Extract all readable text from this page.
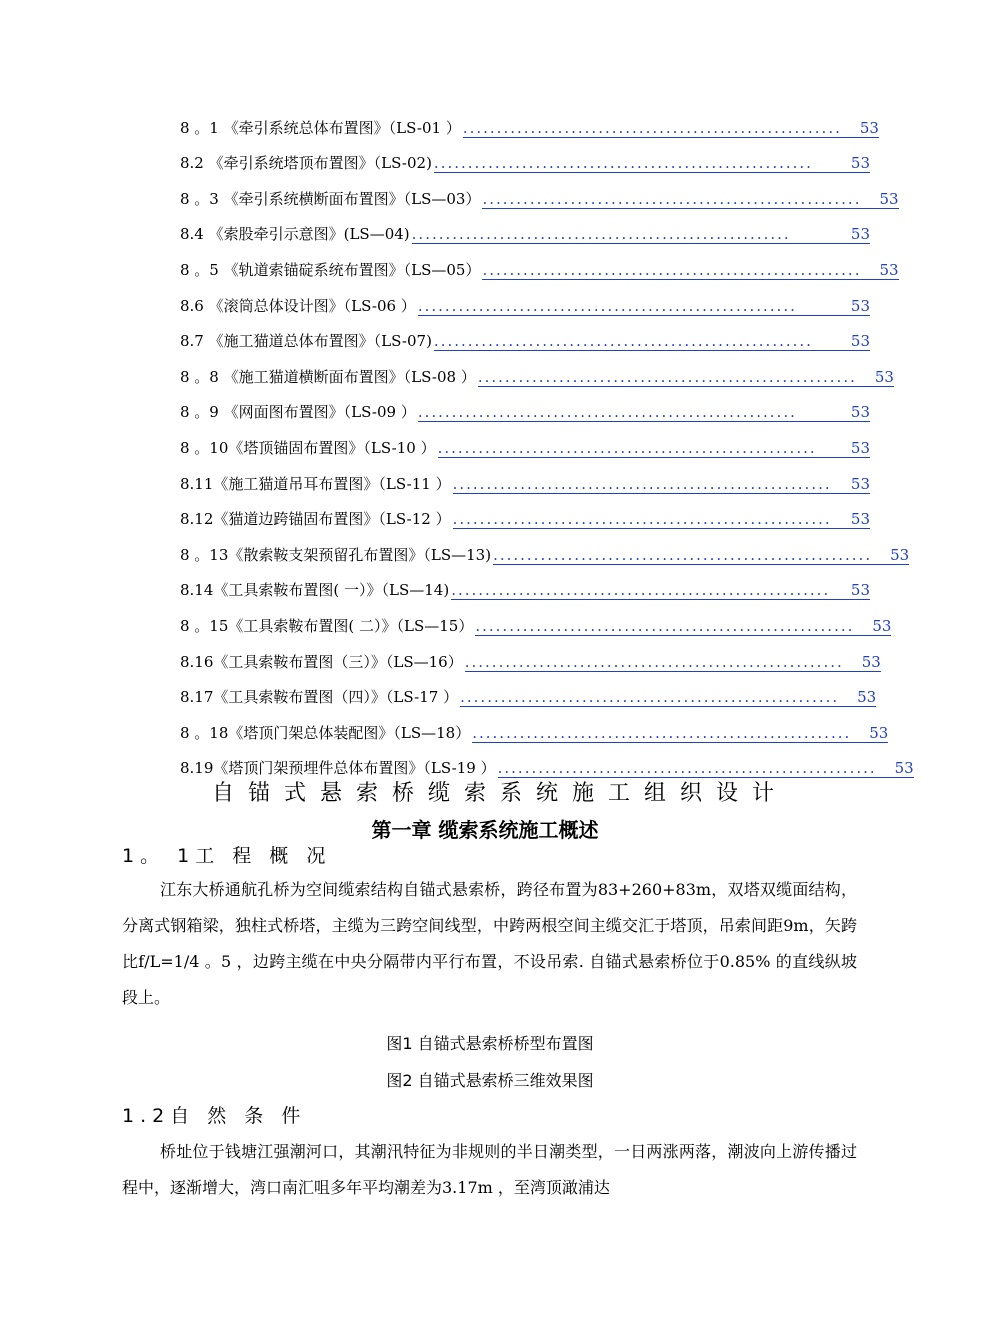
8 。1 《牵引系统总体布置图》（LS-01 ） ........................................................	53
8.2 《牵引系统塔顶布置图》（LS-02) ........................................................	53
8 。3 《牵引系统横断面布置图》（LS—03） ........................................................	53
8.4 《索股牵引示意图》(LS—04) ........................................................	53
8 。5 《轨道索锚碇系统布置图》（LS—05） ........................................................	53
8.6 《滚筒总体设计图》（LS-06 ） ........................................................	53
8.7 《施工猫道总体布置图》（LS-07) ........................................................	53
8 。8 《施工猫道横断面布置图》（LS-08 ） ........................................................	53
8 。9 《网面图布置图》（LS-09 ） ........................................................	53
8 。10《塔顶锚固布置图》（LS-10 ） ........................................................	53
8.11《施工猫道吊耳布置图》（LS-11 ） ........................................................	53
8.12《猫道边跨锚固布置图》（LS-12 ） ........................................................	53
8 。13《散索鞍支架预留孔布置图》（LS—13) ........................................................	53
8.14《工具索鞍布置图( 一）》（LS—14) ........................................................	53
8 。15《工具索鞍布置图( 二）》（LS—15） ........................................................	53
8.16《工具索鞍布置图（三）》（LS—16） ........................................................	53
8.17《工具索鞍布置图（四）》（LS-17 ） ........................................................	53
8 。18《塔顶门架总体装配图》（LS—18） ........................................................	53
8.19《塔顶门架预埋件总体布置图》（LS-19 ） ........................................................	53
自锚式悬索桥缆索系统施工组织设计
第一章 缆索系统施工概述
1。 1工 程 概 况
江东大桥通航孔桥为空间缆索结构自锚式悬索桥，跨径布置为83+260+83m，双塔双缆面结构，分离式钢箱梁，独柱式桥塔，主缆为三跨空间线型，中跨两根空间主缆交汇于塔顶，吊索间距9m，矢跨比f/L=1/4 。5 ，边跨主缆在中央分隔带内平行布置，不设吊索. 自锚式悬索桥位于0.85% 的直线纵坡段上。
图1 自锚式悬索桥桥型布置图
图2 自锚式悬索桥三维效果图
1.2自 然 条 件
桥址位于钱塘江强潮河口，其潮汛特征为非规则的半日潮类型，一日两涨两落，潮波向上游传播过程中，逐渐增大，湾口南汇咀多年平均潮差为3.17m ，至湾顶澉浦达
